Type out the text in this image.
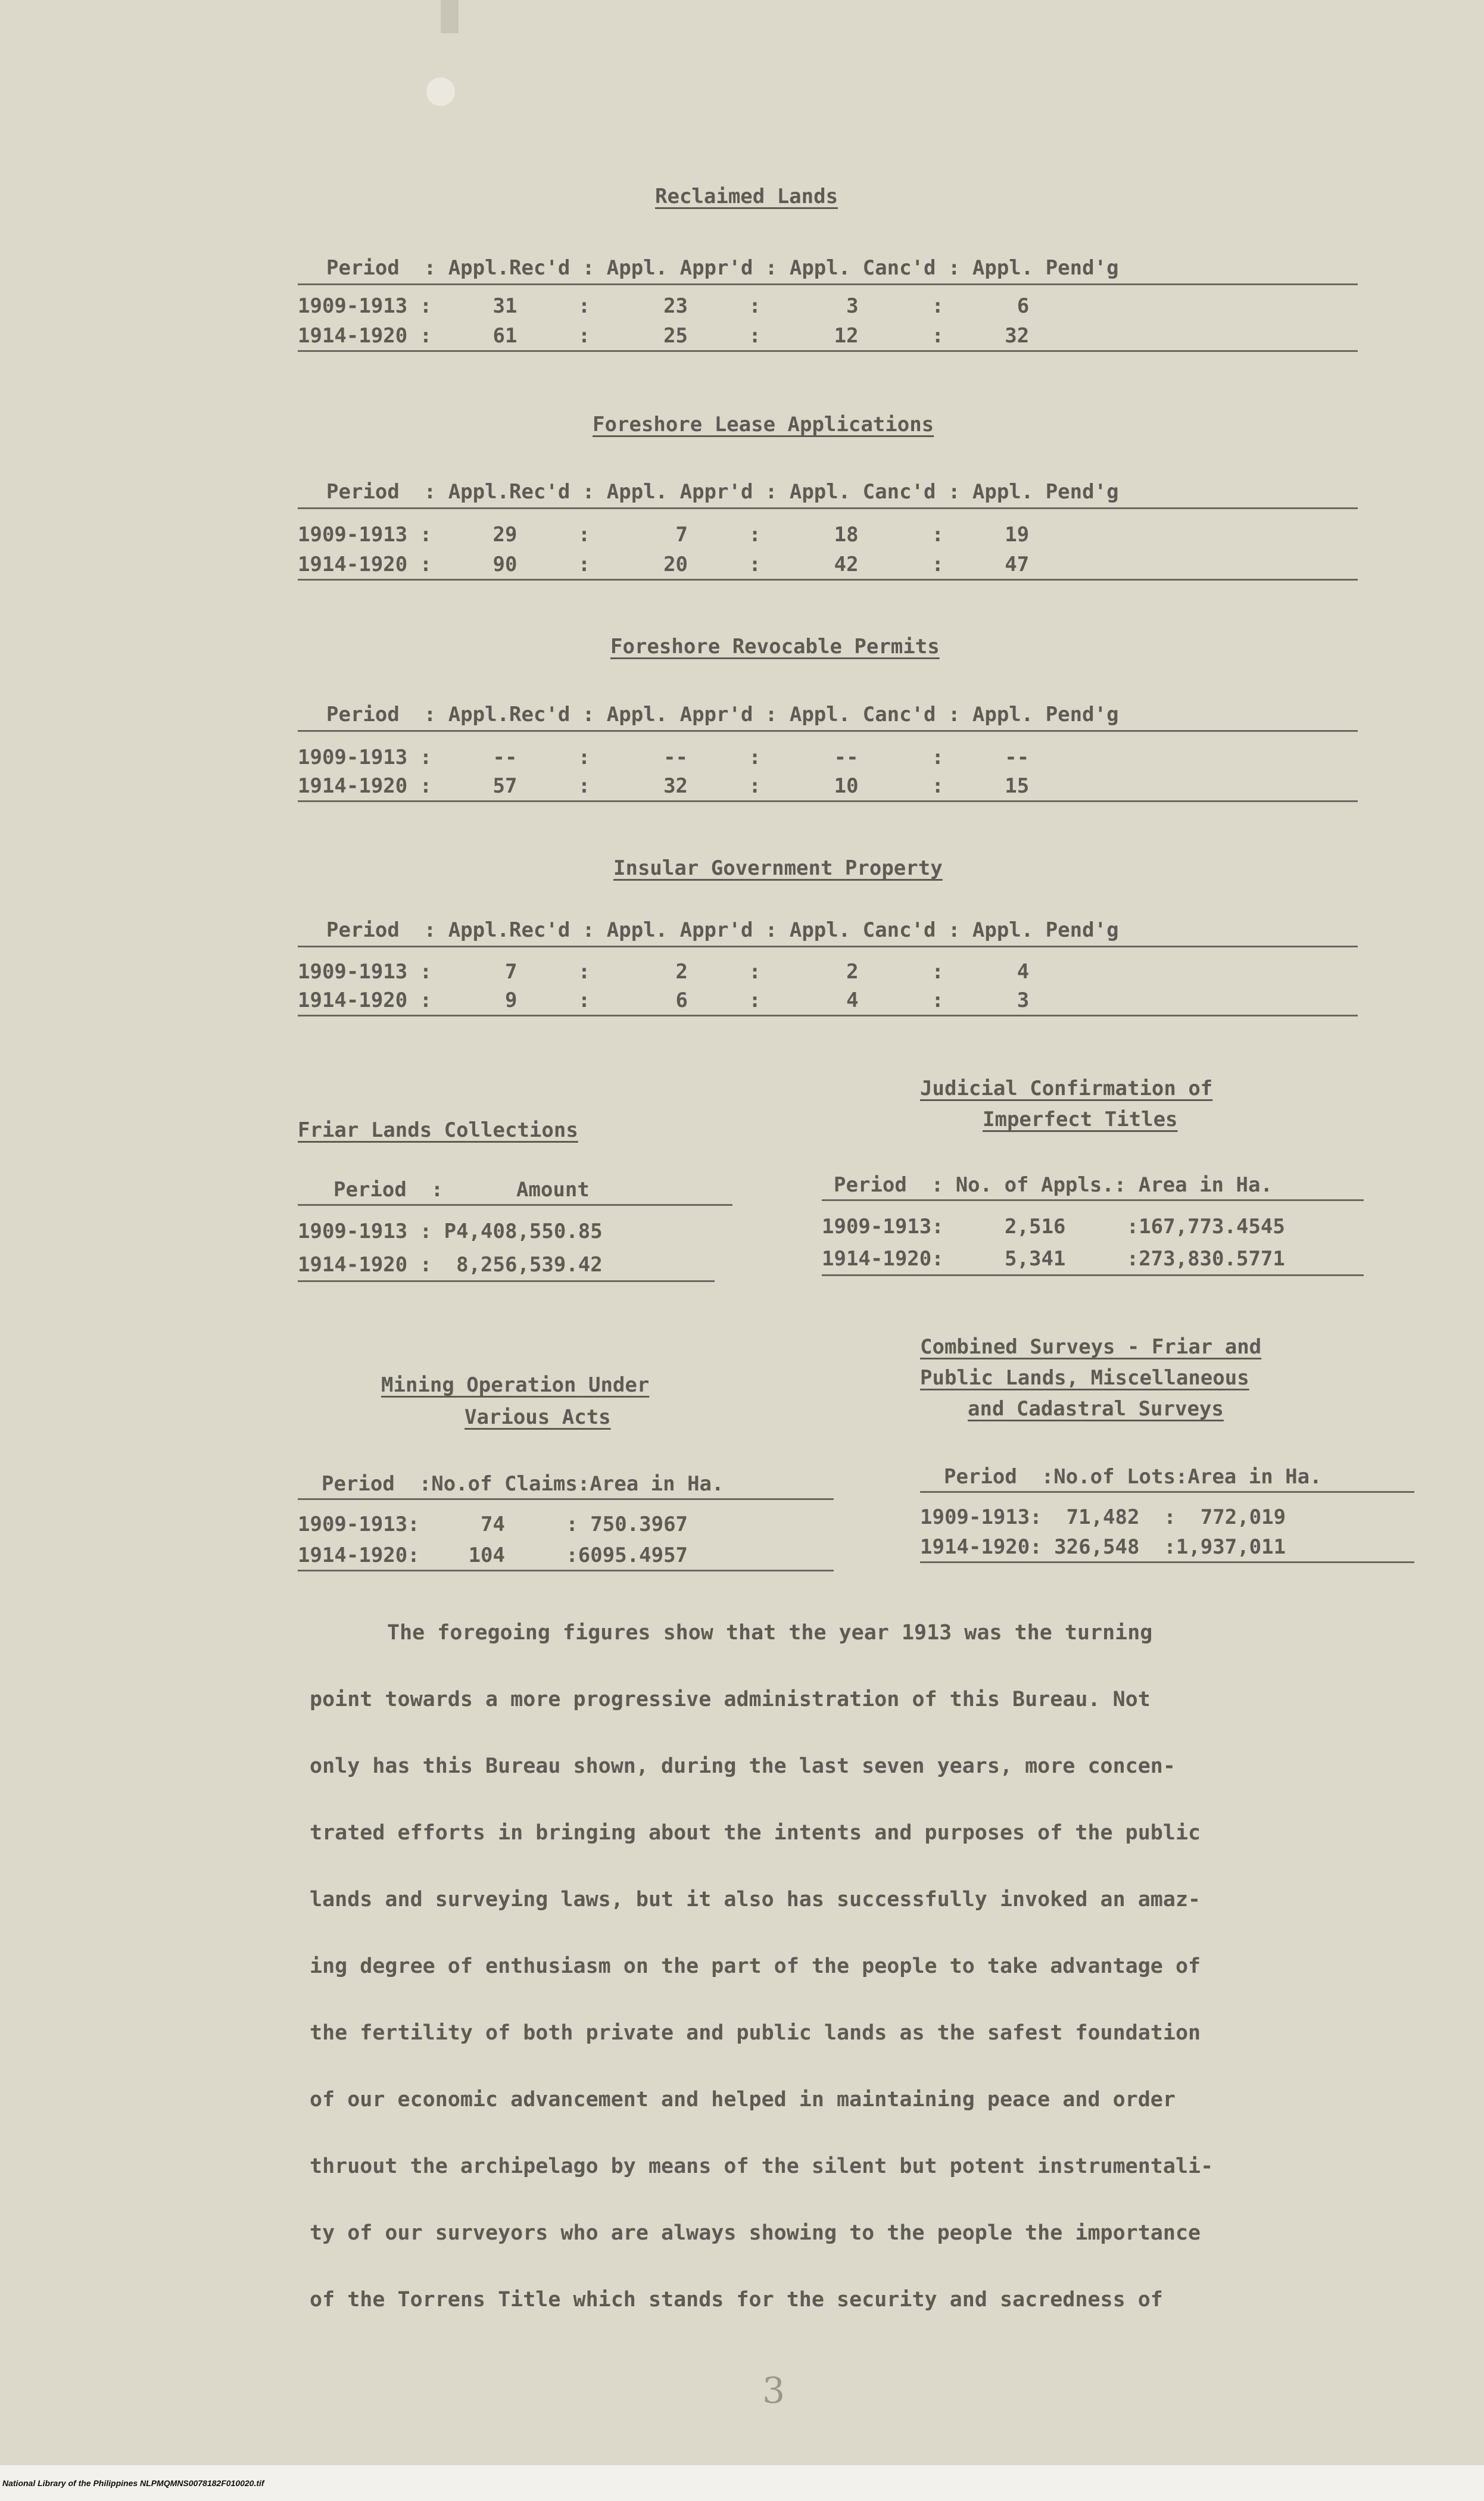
Reclaimed Lands
Period  : Appl.Rec'd : Appl. Appr'd : Appl. Canc'd : Appl. Pend'g
1909-1913 :     31     :      23     :       3      :      6
1914-1920 :     61     :      25     :      12      :     32
Foreshore Lease Applications
Period  : Appl.Rec'd : Appl. Appr'd : Appl. Canc'd : Appl. Pend'g
1909-1913 :     29     :       7     :      18      :     19
1914-1920 :     90     :      20     :      42      :     47
Foreshore Revocable Permits
Period  : Appl.Rec'd : Appl. Appr'd : Appl. Canc'd : Appl. Pend'g
1909-1913 :     --     :      --     :      --      :     --
1914-1920 :     57     :      32     :      10      :     15
Insular Government Property
Period  : Appl.Rec'd : Appl. Appr'd : Appl. Canc'd : Appl. Pend'g
1909-1913 :      7     :       2     :       2      :      4
1914-1920 :      9     :       6     :       4      :      3
Friar Lands Collections
Period  :      Amount
1909-1913 : P4,408,550.85
1914-1920 :  8,256,539.42
Judicial Confirmation of
Imperfect Titles
Period  : No. of Appls.: Area in Ha.
1909-1913:     2,516     :167,773.4545
1914-1920:     5,341     :273,830.5771
Mining Operation Under
Various Acts
Period  :No.of Claims:Area in Ha.
1909-1913:     74     : 750.3967
1914-1920:    104     :6095.4957
Combined Surveys - Friar and
Public Lands, Miscellaneous
and Cadastral Surveys
Period  :No.of Lots:Area in Ha.
1909-1913:  71,482  :  772,019
1914-1920: 326,548  :1,937,011
The foregoing figures show that the year 1913 was the turning
point towards a more progressive administration of this Bureau. Not
only has this Bureau shown, during the last seven years, more concen-
trated efforts in bringing about the intents and purposes of the public
lands and surveying laws, but it also has successfully invoked an amaz-
ing degree of enthusiasm on the part of the people to take advantage of
the fertility of both private and public lands as the safest foundation
of our economic advancement and helped in maintaining peace and order
thruout the archipelago by means of the silent but potent instrumentali-
ty of our surveyors who are always showing to the people the importance
of the Torrens Title which stands for the security and sacredness of
3
National Library of the Philippines NLPMQMNS0078182F010020.tif
